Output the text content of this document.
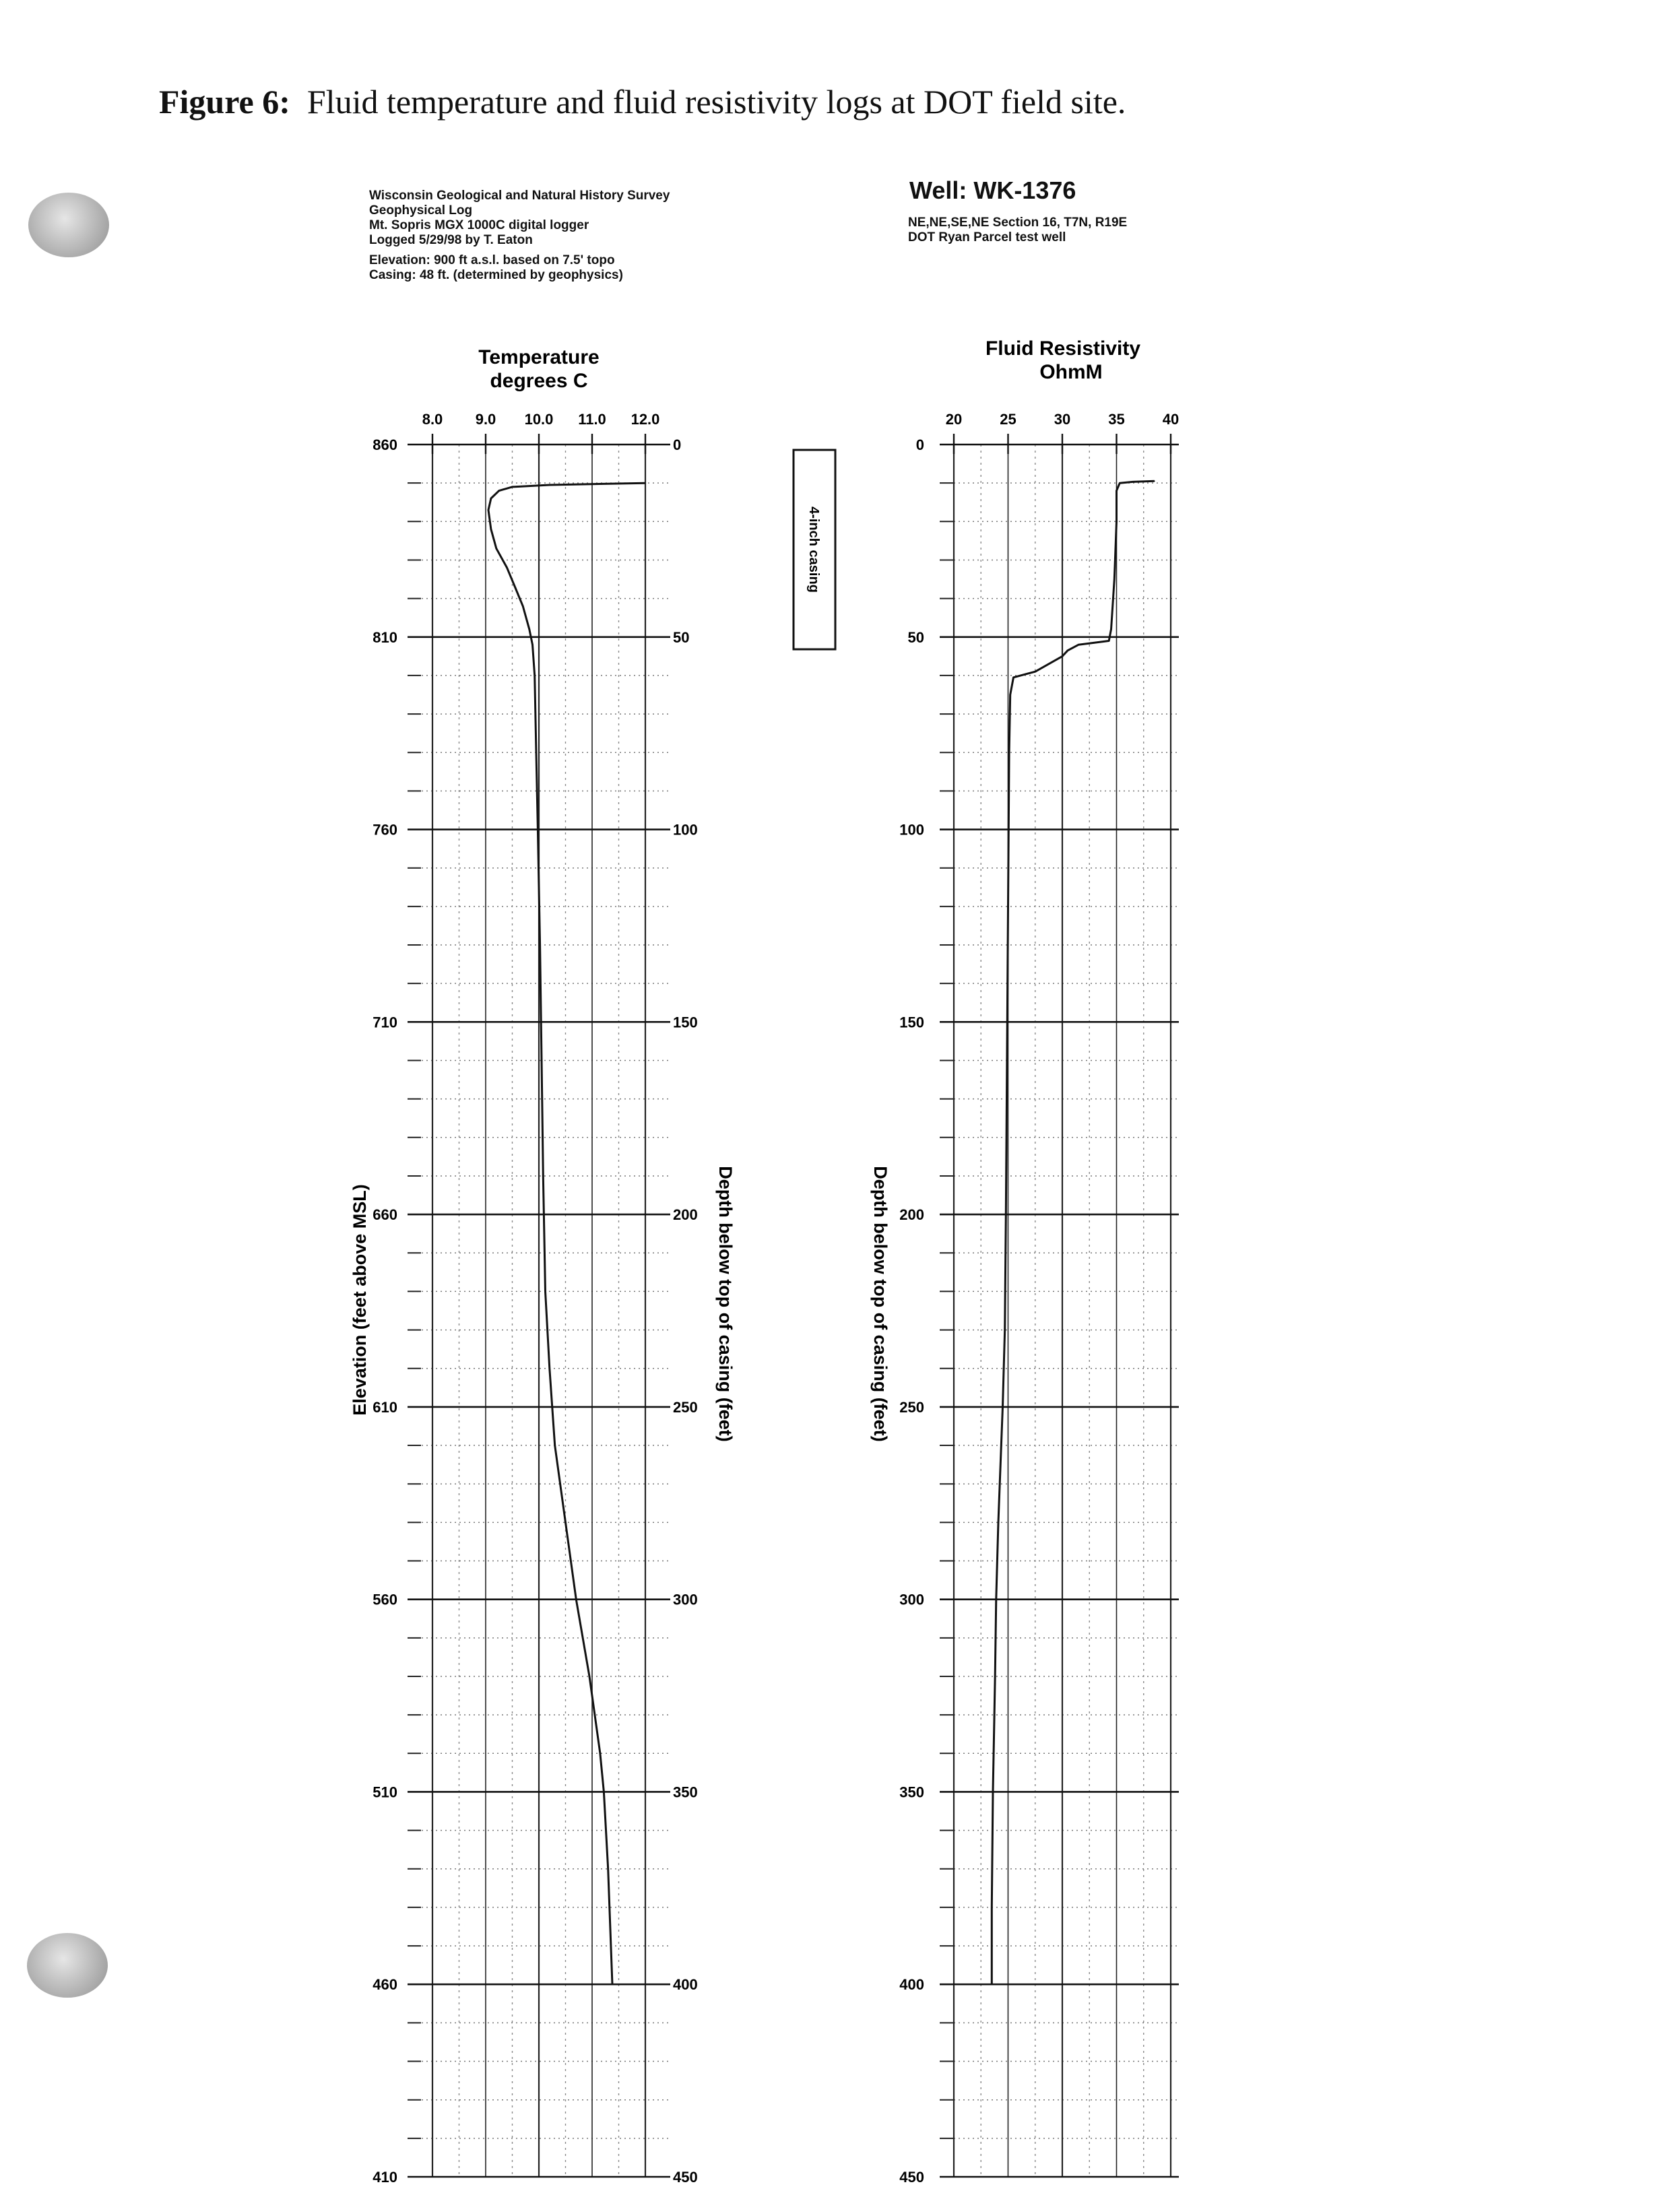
Figure 6: Fluid temperature and fluid resistivity logs at DOT field site.
Wisconsin Geological and Natural History Survey
Geophysical Log
Mt. Sopris MGX 1000C digital logger
Logged 5/29/98 by T. Eaton
Elevation: 900 ft a.s.l. based on 7.5' topo
Casing: 48 ft. (determined by geophysics)
Well: WK-1376
NE,NE,SE,NE Section 16, T7N, R19E
DOT Ryan Parcel test well
Temperature
degrees C
Fluid Resistivity
OhmM
Elevation (feet above MSL)	Depth below top of casing (feet)	Depth below top of casing (feet)
4-inch casing
8.0 9.0 10.0 11.0 12.0
860
810
760
710
660
610
560
510
460
410
0
50
100
150
200
250
300
350
400
450
20	25	30	35	40
0
50
100
150
200
250
300
350
400
450
